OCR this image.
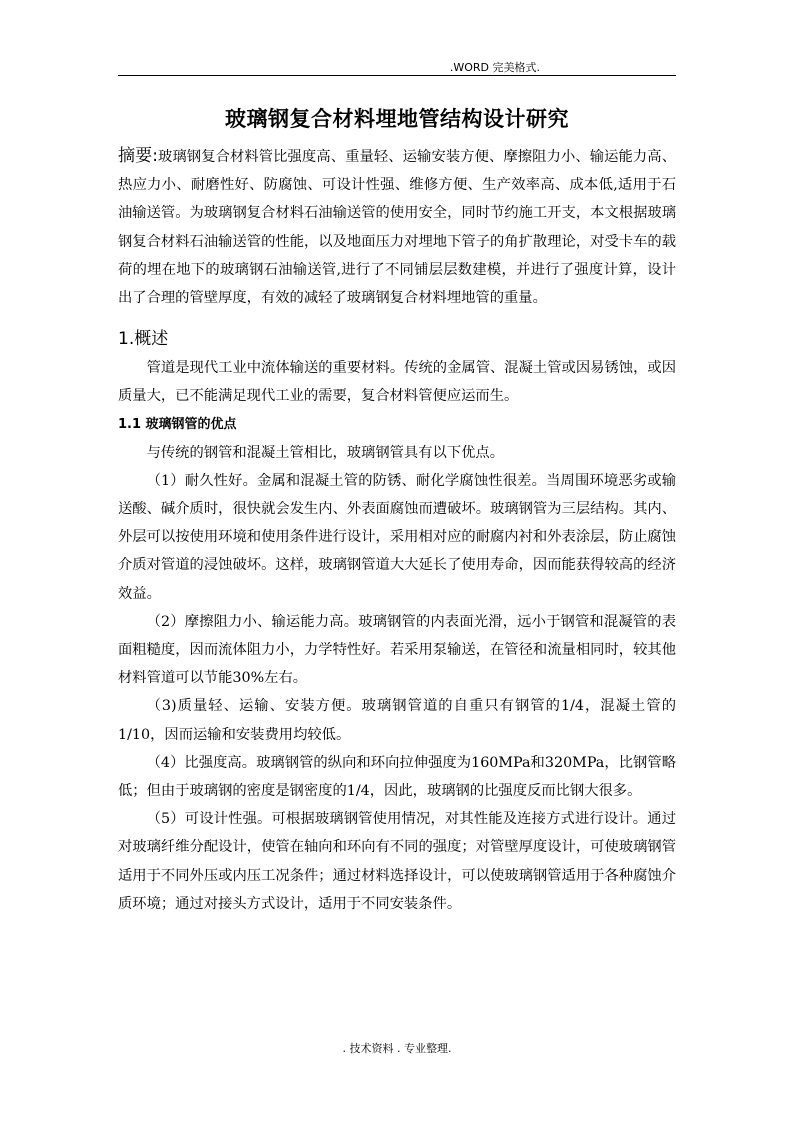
.WORD 完美格式.
玻璃钢复合材料埋地管结构设计研究

摘要:玻璃钢复合材料管比强度高、重量轻、运输安装方便、摩擦阻力小、输运能力高、热应力小、耐磨性好、防腐蚀、可设计性强、维修方便、生产效率高、成本低,适用于石油输送管。为玻璃钢复合材料石油输送管的使用安全，同时节约施工开支，本文根据玻璃钢复合材料石油输送管的性能，以及地面压力对埋地下管子的角扩散理论，对受卡车的载荷的埋在地下的玻璃钢石油输送管,进行了不同铺层层数建模，并进行了强度计算，设计出了合理的管壁厚度，有效的减轻了玻璃钢复合材料埋地管的重量。

1.概述

管道是现代工业中流体输送的重要材料。传统的金属管、混凝土管或因易锈蚀，或因质量大，已不能满足现代工业的需要，复合材料管便应运而生。

1.1 玻璃钢管的优点

与传统的钢管和混凝土管相比，玻璃钢管具有以下优点。

（1）耐久性好。金属和混凝土管的防锈、耐化学腐蚀性很差。当周围环境恶劣或输送酸、碱介质时，很快就会发生内、外表面腐蚀而遭破坏。玻璃钢管为三层结构。其内、外层可以按使用环境和使用条件进行设计，采用相对应的耐腐内衬和外表涂层，防止腐蚀介质对管道的浸蚀破坏。这样，玻璃钢管道大大延长了使用寿命，因而能获得较高的经济效益。

（2）摩擦阻力小、输运能力高。玻璃钢管的内表面光滑，远小于钢管和混凝管的表面粗糙度，因而流体阻力小，力学特性好。若采用泵输送，在管径和流量相同时，较其他材料管道可以节能30%左右。

（3)质量轻、运输、安装方便。玻璃钢管道的自重只有钢管的1/4，混凝土管的1/10，因而运输和安装费用均较低。

（4）比强度高。玻璃钢管的纵向和环向拉伸强度为160MPa和320MPa，比钢管略低；但由于玻璃钢的密度是钢密度的1/4，因此，玻璃钢的比强度反而比钢大很多。

（5）可设计性强。可根据玻璃钢管使用情况，对其性能及连接方式进行设计。通过对玻璃纤维分配设计，使管在轴向和环向有不同的强度；对管壁厚度设计，可使玻璃钢管适用于不同外压或内压工况条件；通过材料选择设计，可以使玻璃钢管适用于各种腐蚀介质环境；通过对接头方式设计，适用于不同安装条件。

. 技术资料 . 专业整理.
